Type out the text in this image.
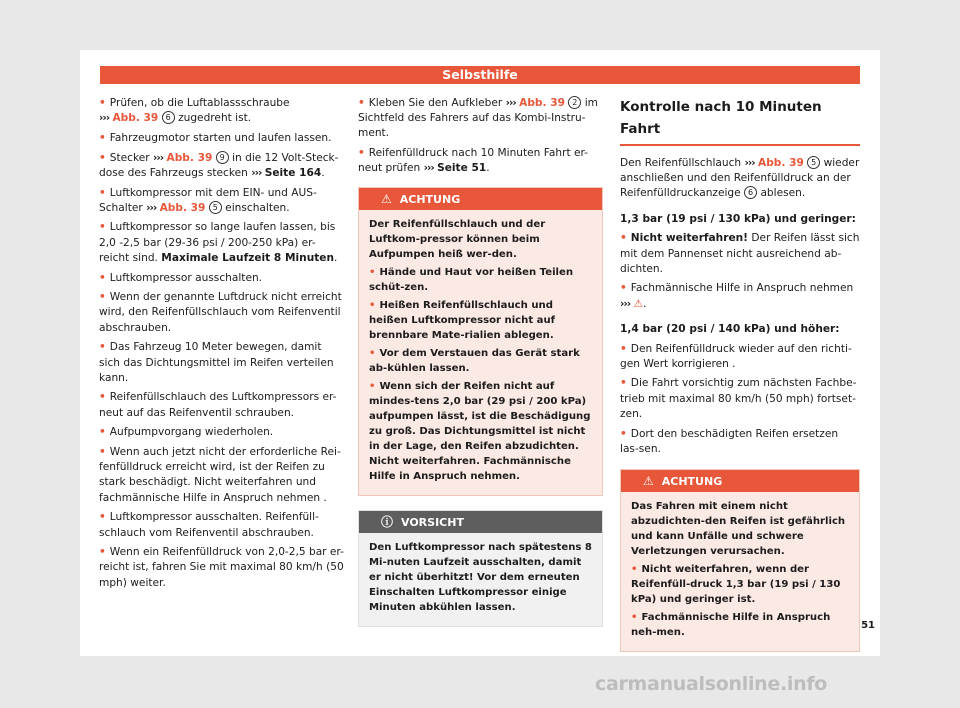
Selbsthilfe

• Prüfen, ob die Luftablassschraube
››› Abb. 39 6 zugedreht ist.

• Fahrzeugmotor starten und laufen lassen.

• Stecker ››› Abb. 39 9 in die 12 Volt-Steck-dose des Fahrzeugs stecken ››› Seite 164.

• Luftkompressor mit dem EIN- und AUS-Schalter ››› Abb. 39 5 einschalten.

• Luftkompressor so lange laufen lassen, bis 2,0 -2,5 bar (29-36 psi / 200-250 kPa) er-reicht sind. Maximale Laufzeit 8 Minuten.

• Luftkompressor ausschalten.

• Wenn der genannte Luftdruck nicht erreicht wird, den Reifenfüllschlauch vom Reifenventil abschrauben.

• Das Fahrzeug 10 Meter bewegen, damit sich das Dichtungsmittel im Reifen verteilen kann.

• Reifenfüllschlauch des Luftkompressors er-neut auf das Reifenventil schrauben.

• Aufpumpvorgang wiederholen.

• Wenn auch jetzt nicht der erforderliche Rei-fenfülldruck erreicht wird, ist der Reifen zu stark beschädigt. Nicht weiterfahren und fachmännische Hilfe in Anspruch nehmen .

• Luftkompressor ausschalten. Reifenfüll-schlauch vom Reifenventil abschrauben.

• Wenn ein Reifenfülldruck von 2,0-2,5 bar er-reicht ist, fahren Sie mit maximal 80 km/h (50 mph) weiter.

• Kleben Sie den Aufkleber ››› Abb. 39 2 im Sichtfeld des Fahrers auf das Kombi-Instru-ment.

• Reifenfülldruck nach 10 Minuten Fahrt er-neut prüfen ››› Seite 51.

⚠ ACHTUNG

Der Reifenfüllschlauch und der Luftkom-pressor können beim Aufpumpen heiß wer-den.

• Hände und Haut vor heißen Teilen schüt-zen.

• Heißen Reifenfüllschlauch und heißen Luftkompressor nicht auf brennbare Mate-rialien ablegen.

• Vor dem Verstauen das Gerät stark ab-kühlen lassen.

• Wenn sich der Reifen nicht auf mindes-tens 2,0 bar (29 psi / 200 kPa) aufpumpen lässt, ist die Beschädigung zu groß. Das Dichtungsmittel ist nicht in der Lage, den Reifen abzudichten. Nicht weiterfahren. Fachmännische Hilfe in Anspruch nehmen.

ⓘ VORSICHT

Den Luftkompressor nach spätestens 8 Mi-nuten Laufzeit ausschalten, damit er nicht überhitzt! Vor dem erneuten Einschalten Luftkompressor einige Minuten abkühlen lassen.

Kontrolle nach 10 Minuten Fahrt

Den Reifenfüllschlauch ››› Abb. 39 5 wieder anschließen und den Reifenfülldruck an der Reifenfülldruckanzeige 6 ablesen.

1,3 bar (19 psi / 130 kPa) und geringer:

• Nicht weiterfahren! Der Reifen lässt sich mit dem Pannenset nicht ausreichend ab-dichten.

• Fachmännische Hilfe in Anspruch nehmen
››› ⚠.

1,4 bar (20 psi / 140 kPa) und höher:

• Den Reifenfülldruck wieder auf den richti-gen Wert korrigieren .

• Die Fahrt vorsichtig zum nächsten Fachbe-trieb mit maximal 80 km/h (50 mph) fortset-zen.

• Dort den beschädigten Reifen ersetzen las-sen.

⚠ ACHTUNG

Das Fahren mit einem nicht abzudichten-den Reifen ist gefährlich und kann Unfälle und schwere Verletzungen verursachen.

• Nicht weiterfahren, wenn der Reifenfüll-druck 1,3 bar (19 psi / 130 kPa) und geringer ist.

• Fachmännische Hilfe in Anspruch neh-men.

51
carmanualsonline.info
